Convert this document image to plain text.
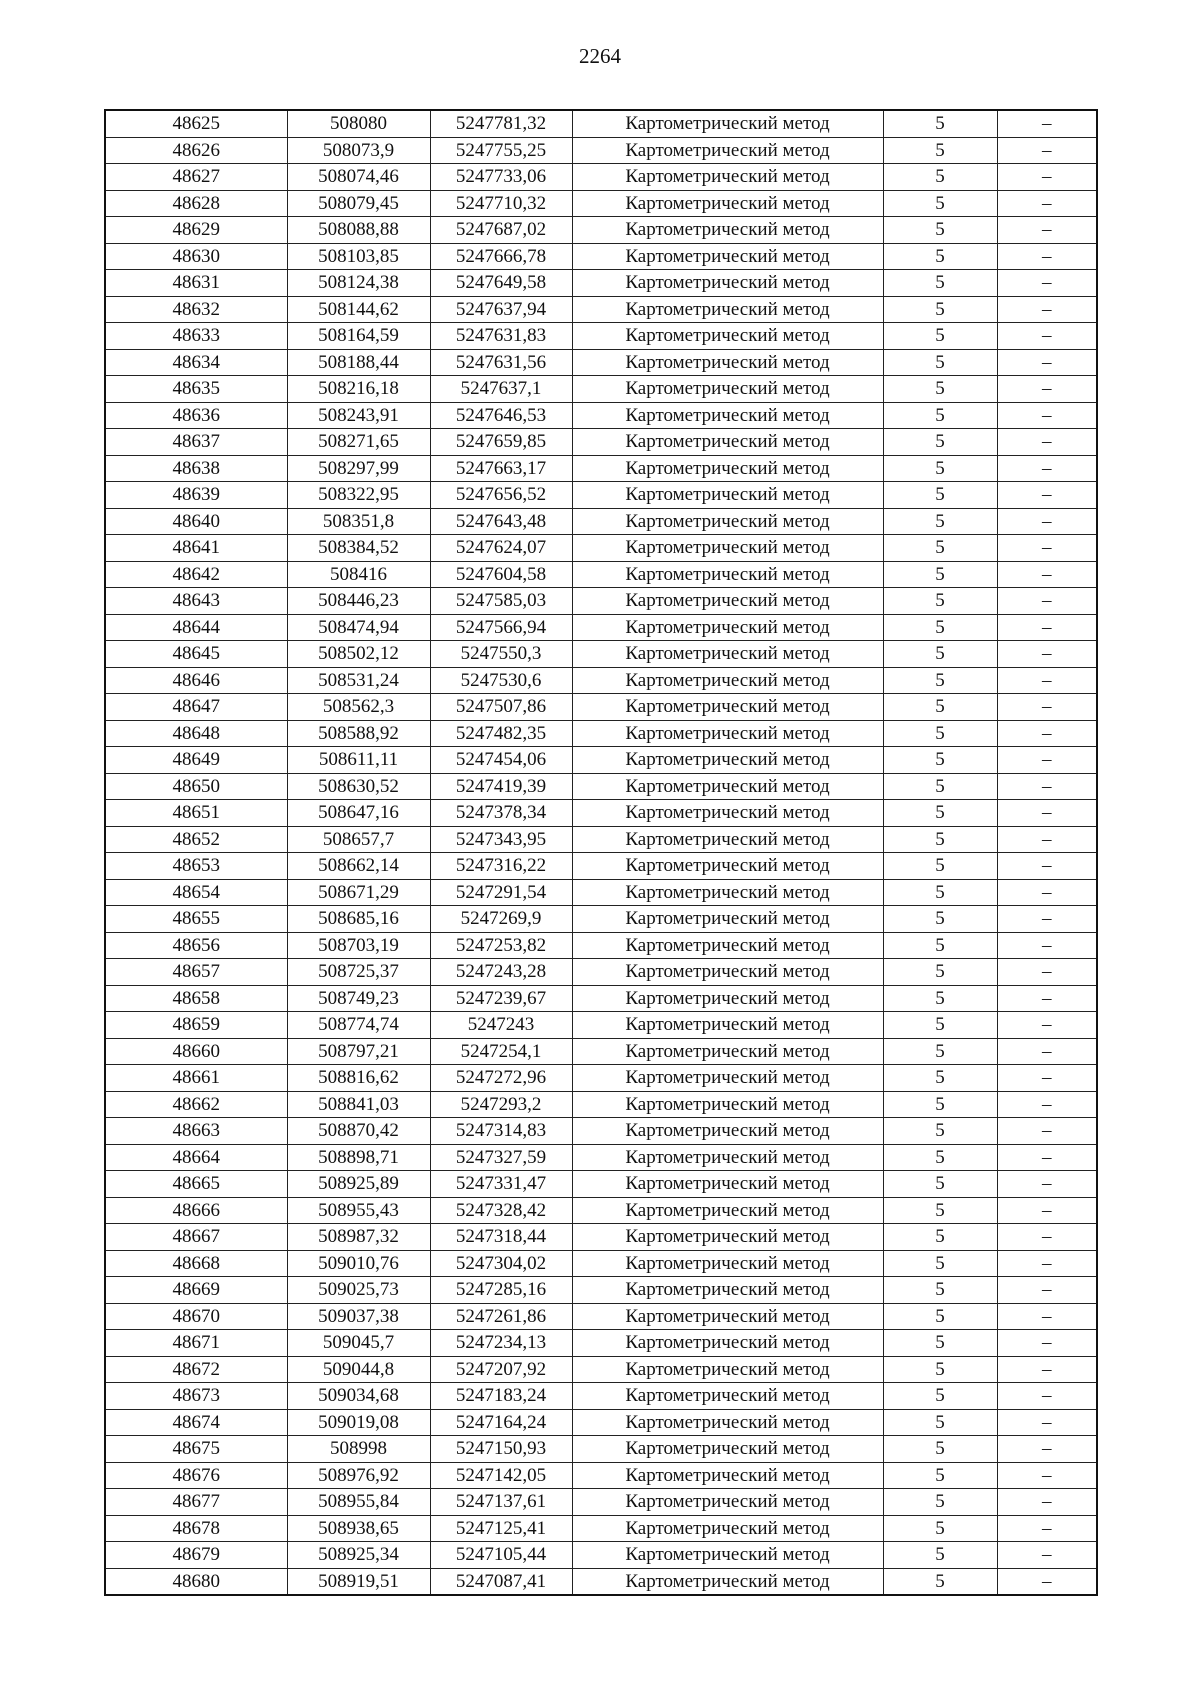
2264
48625	508080	5247781,32	Картометрический метод	5	–
48626	508073,9	5247755,25	Картометрический метод	5	–
48627	508074,46	5247733,06	Картометрический метод	5	–
48628	508079,45	5247710,32	Картометрический метод	5	–
48629	508088,88	5247687,02	Картометрический метод	5	–
48630	508103,85	5247666,78	Картометрический метод	5	–
48631	508124,38	5247649,58	Картометрический метод	5	–
48632	508144,62	5247637,94	Картометрический метод	5	–
48633	508164,59	5247631,83	Картометрический метод	5	–
48634	508188,44	5247631,56	Картометрический метод	5	–
48635	508216,18	5247637,1	Картометрический метод	5	–
48636	508243,91	5247646,53	Картометрический метод	5	–
48637	508271,65	5247659,85	Картометрический метод	5	–
48638	508297,99	5247663,17	Картометрический метод	5	–
48639	508322,95	5247656,52	Картометрический метод	5	–
48640	508351,8	5247643,48	Картометрический метод	5	–
48641	508384,52	5247624,07	Картометрический метод	5	–
48642	508416	5247604,58	Картометрический метод	5	–
48643	508446,23	5247585,03	Картометрический метод	5	–
48644	508474,94	5247566,94	Картометрический метод	5	–
48645	508502,12	5247550,3	Картометрический метод	5	–
48646	508531,24	5247530,6	Картометрический метод	5	–
48647	508562,3	5247507,86	Картометрический метод	5	–
48648	508588,92	5247482,35	Картометрический метод	5	–
48649	508611,11	5247454,06	Картометрический метод	5	–
48650	508630,52	5247419,39	Картометрический метод	5	–
48651	508647,16	5247378,34	Картометрический метод	5	–
48652	508657,7	5247343,95	Картометрический метод	5	–
48653	508662,14	5247316,22	Картометрический метод	5	–
48654	508671,29	5247291,54	Картометрический метод	5	–
48655	508685,16	5247269,9	Картометрический метод	5	–
48656	508703,19	5247253,82	Картометрический метод	5	–
48657	508725,37	5247243,28	Картометрический метод	5	–
48658	508749,23	5247239,67	Картометрический метод	5	–
48659	508774,74	5247243	Картометрический метод	5	–
48660	508797,21	5247254,1	Картометрический метод	5	–
48661	508816,62	5247272,96	Картометрический метод	5	–
48662	508841,03	5247293,2	Картометрический метод	5	–
48663	508870,42	5247314,83	Картометрический метод	5	–
48664	508898,71	5247327,59	Картометрический метод	5	–
48665	508925,89	5247331,47	Картометрический метод	5	–
48666	508955,43	5247328,42	Картометрический метод	5	–
48667	508987,32	5247318,44	Картометрический метод	5	–
48668	509010,76	5247304,02	Картометрический метод	5	–
48669	509025,73	5247285,16	Картометрический метод	5	–
48670	509037,38	5247261,86	Картометрический метод	5	–
48671	509045,7	5247234,13	Картометрический метод	5	–
48672	509044,8	5247207,92	Картометрический метод	5	–
48673	509034,68	5247183,24	Картометрический метод	5	–
48674	509019,08	5247164,24	Картометрический метод	5	–
48675	508998	5247150,93	Картометрический метод	5	–
48676	508976,92	5247142,05	Картометрический метод	5	–
48677	508955,84	5247137,61	Картометрический метод	5	–
48678	508938,65	5247125,41	Картометрический метод	5	–
48679	508925,34	5247105,44	Картометрический метод	5	–
48680	508919,51	5247087,41	Картометрический метод	5	–
